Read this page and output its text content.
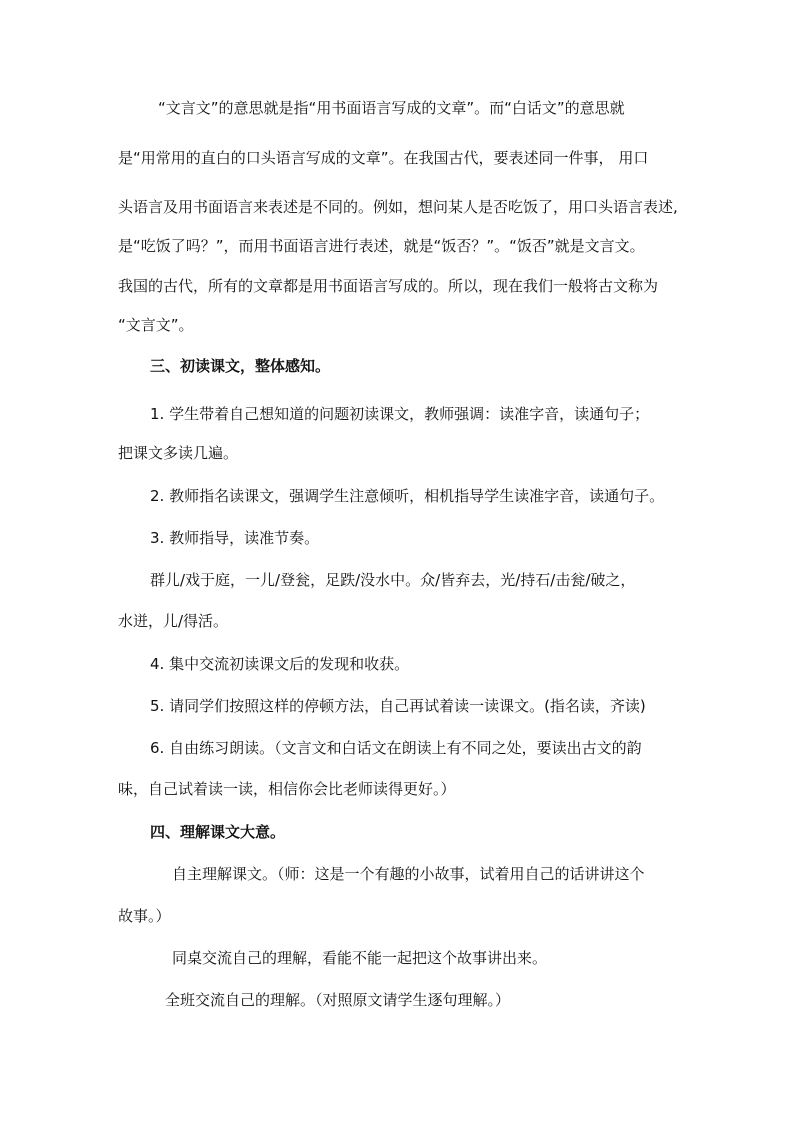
“文言文”的意思就是指“用书面语言写成的文章”。而“白话文”的意思就
是“用常用的直白的口头语言写成的文章”。在我国古代，要表述同一件事， 用口
头语言及用书面语言来表述是不同的。例如，想问某人是否吃饭了，用口头语言表述,
是“吃饭了吗？”，而用书面语言进行表述，就是“饭否？”。“饭否”就是文言文。
我国的古代，所有的文章都是用书面语言写成的。所以，现在我们一般将古文称为
“文言文”。
三、初读课文，整体感知。
1. 学生带着自己想知道的问题初读课文，教师强调：读准字音，读通句子；
把课文多读几遍。
2. 教师指名读课文，强调学生注意倾听，相机指导学生读准字音，读通句子。
3. 教师指导，读准节奏。
群儿/戏于庭，一儿/登瓮，足跌/没水中。众/皆弃去，光/持石/击瓮/破之，
水迸，儿/得活。
4. 集中交流初读课文后的发现和收获。
5. 请同学们按照这样的停顿方法，自己再试着读一读课文。(指名读，齐读)
6. 自由练习朗读。（文言文和白话文在朗读上有不同之处，要读出古文的韵
味，自己试着读一读，相信你会比老师读得更好。）
四、理解课文大意。
自主理解课文。（师：这是一个有趣的小故事，试着用自己的话讲讲这个
故事。）
同桌交流自己的理解，看能不能一起把这个故事讲出来。
全班交流自己的理解。（对照原文请学生逐句理解。）
